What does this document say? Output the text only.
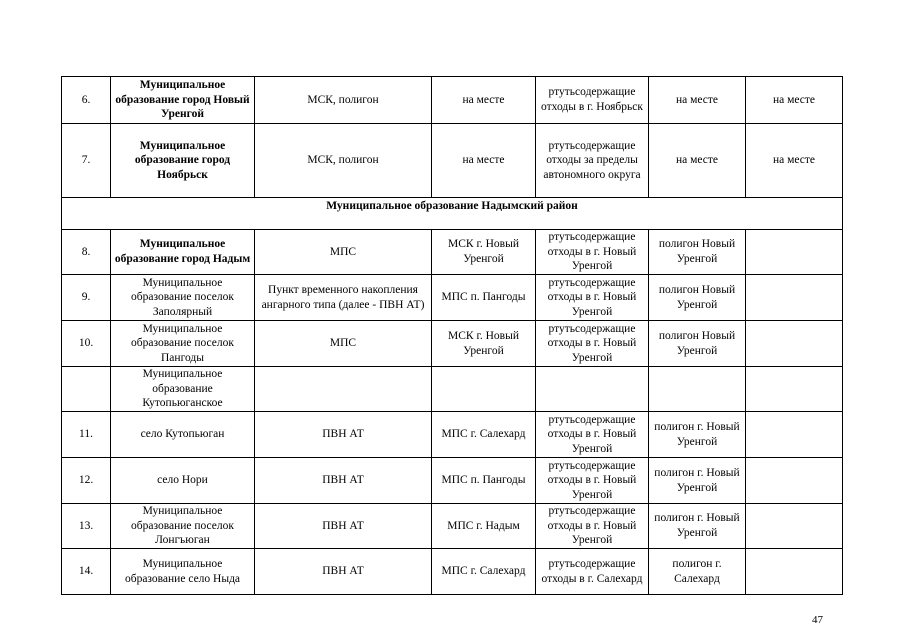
6.	Муниципальное образование город Новый Уренгой	МСК, полигон	на месте	ртутьсодержащие отходы в г. Ноябрьск	на месте	на месте
7.	Муниципальное образование город Ноябрьск	МСК, полигон	на месте	ртутьсодержащие отходы за пределы автономного округа	на месте	на месте
Муниципальное образование Надымский район						
8.	Муниципальное образование город Надым	МПС	МСК г. Новый Уренгой	ртутьсодержащие отходы в г. Новый Уренгой	полигон Новый Уренгой	
9.	Муниципальное образование поселок Заполярный	Пункт временного накопления ангарного типа (далее - ПВН АТ)	МПС п. Пангоды	ртутьсодержащие отходы в г. Новый Уренгой	полигон Новый Уренгой	
10.	Муниципальное образование поселок Пангоды	МПС	МСК г. Новый Уренгой	ртутьсодержащие отходы в г. Новый Уренгой	полигон Новый Уренгой	
	Муниципальное образование Кутопьюганское					
11.	село Кутопьюган	ПВН АТ	МПС г. Салехард	ртутьсодержащие отходы в г. Новый Уренгой	полигон г. Новый Уренгой	
12.	село Нори	ПВН АТ	МПС п. Пангоды	ртутьсодержащие отходы в г. Новый Уренгой	полигон г. Новый Уренгой	
13.	Муниципальное образование поселок Лонгъюган	ПВН АТ	МПС г. Надым	ртутьсодержащие отходы в г. Новый Уренгой	полигон г. Новый Уренгой	
14.	Муниципальное образование село Ныда	ПВН АТ	МПС г. Салехард	ртутьсодержащие отходы в г. Салехард	полигон г. Салехард	
47
